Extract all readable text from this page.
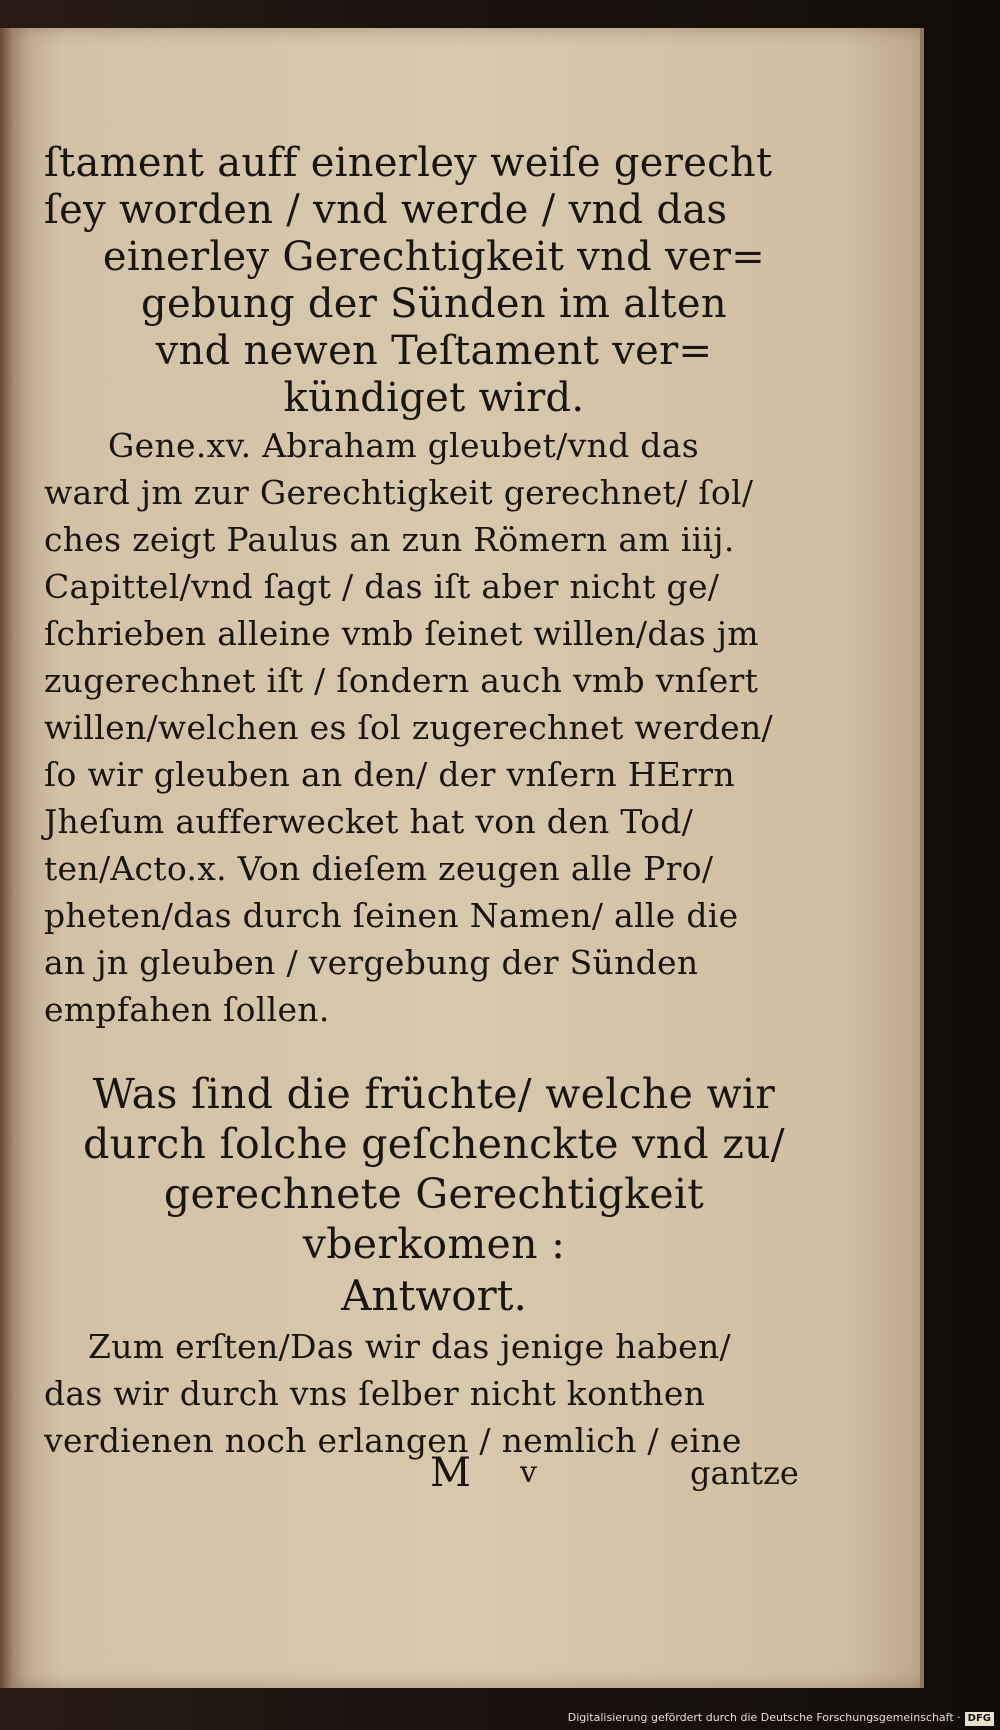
ſtament auff einerley weiſe gerecht
ſey worden / vnd werde / vnd das
einerley Gerechtigkeit vnd ver=
gebung der Sünden im alten
vnd newen Teſtament ver=
kündiget wird.
Gene.xv. Abraham gleubet/vnd das
ward jm zur Gerechtigkeit gerechnet/ ſol/
ches zeigt Paulus an zun Römern am iiij.
Capittel/vnd ſagt / das iſt aber nicht ge/
ſchrieben alleine vmb ſeinet willen/das jm
zugerechnet iſt / ſondern auch vmb vnſert
willen/welchen es ſol zugerechnet werden/
ſo wir gleuben an den/ der vnſern HErrn
Jheſum aufferwecket hat von den Tod/
ten/Acto.x. Von dieſem zeugen alle Pro/
pheten/das durch ſeinen Namen/ alle die
an jn gleuben / vergebung der Sünden
empfahen ſollen.
Was ſind die früchte/ welche wir
durch ſolche geſchenckte vnd zu/
gerechnete Gerechtigkeit
vberkomen :
Antwort.
Zum erſten/Das wir das jenige haben/
das wir durch vns ſelber nicht konthen
verdienen noch erlangen / nemlich / eine
M v	gantze
Digitalisierung gefördert durch die Deutsche Forschungsgemeinschaft · DFG
